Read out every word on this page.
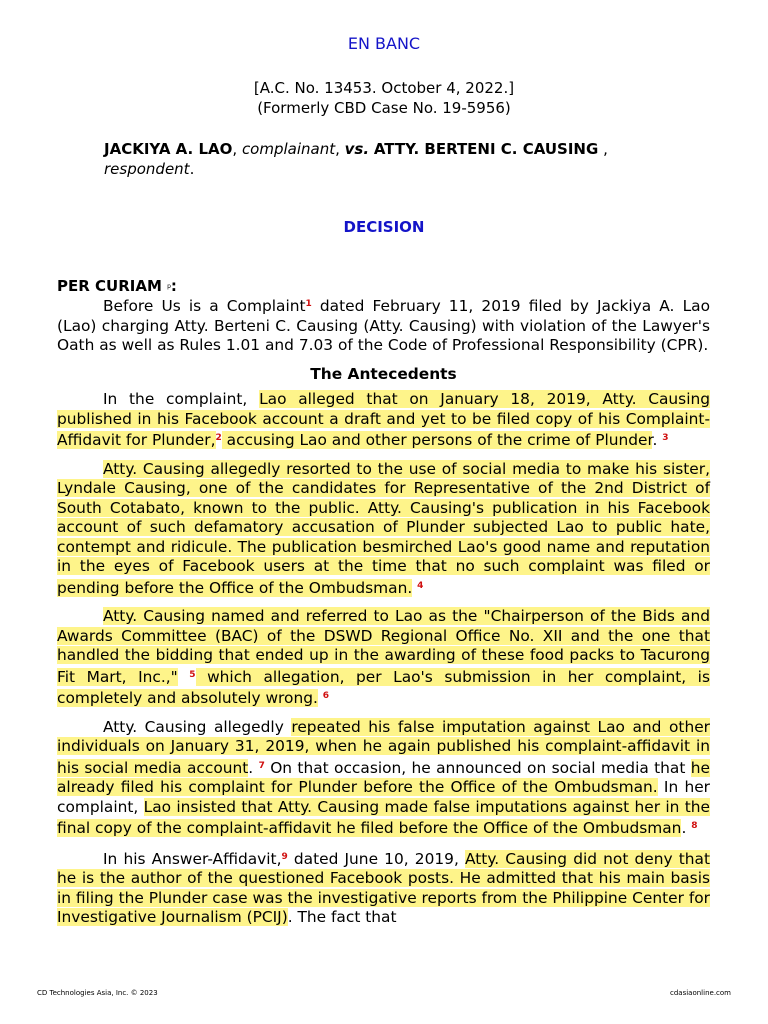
EN BANC
[A.C. No. 13453. October 4, 2022.]
(Formerly CBD Case No. 19-5956)
JACKIYA A. LAO, complainant, vs. ATTY. BERTENI C. CAUSING ,
respondent.
DECISION
PER CURIAM p:

Before Us is a Complaint$^1$ dated February 11, 2019 filed by Jackiya A. Lao (Lao) charging Atty. Berteni C. Causing (Atty. Causing) with violation of the Lawyer's Oath as well as Rules 1.01 and 7.03 of the Code of Professional Responsibility (CPR).

The Antecedents

In the complaint, Lao alleged that on January 18, 2019, Atty. Causing published in his Facebook account a draft and yet to be filed copy of his Complaint-Affidavit for Plunder,$^2$ accusing Lao and other persons of the crime of Plunder. $^3$

Atty. Causing allegedly resorted to the use of social media to make his sister, Lyndale Causing, one of the candidates for Representative of the 2nd District of South Cotabato, known to the public. Atty. Causing's publication in his Facebook account of such defamatory accusation of Plunder subjected Lao to public hate, contempt and ridicule. The publication besmirched Lao's good name and reputation in the eyes of Facebook users at the time that no such complaint was filed or pending before the Office of the Ombudsman. $^4$

Atty. Causing named and referred to Lao as the "Chairperson of the Bids and Awards Committee (BAC) of the DSWD Regional Office No. XII and the one that handled the bidding that ended up in the awarding of these food packs to Tacurong Fit Mart, Inc.," $^5$ which allegation, per Lao's submission in her complaint, is completely and absolutely wrong. $^6$

Atty. Causing allegedly repeated his false imputation against Lao and other individuals on January 31, 2019, when he again published his complaint-affidavit in his social media account. $^7$ On that occasion, he announced on social media that he already filed his complaint for Plunder before the Office of the Ombudsman. In her complaint, Lao insisted that Atty. Causing made false imputations against her in the final copy of the complaint-affidavit he filed before the Office of the Ombudsman. $^8$

In his Answer-Affidavit,$^9$ dated June 10, 2019, Atty. Causing did not deny that he is the author of the questioned Facebook posts. He admitted that his main basis in filing the Plunder case was the investigative reports from the Philippine Center for Investigative Journalism (PCIJ). The fact that

CD Technologies Asia, Inc. © 2023	cdasiaonline.com
